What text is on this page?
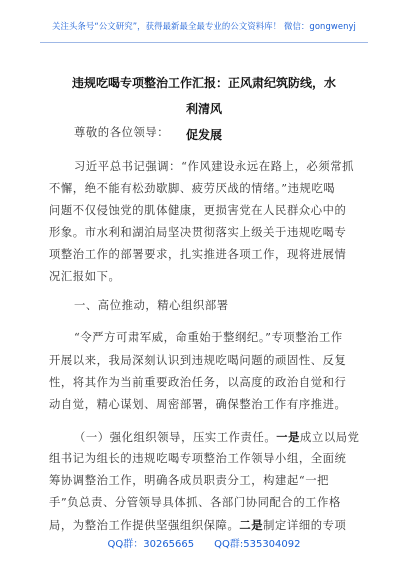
关注头条号“公文研究”，获得最新最全最专业的公文资料库！ 微信：gongwenyj
违规吃喝专项整治工作汇报：正风肃纪筑防线，水利清风
促发展
尊敬的各位领导：
习近平总书记强调：“作风建设永远在路上，必须常抓
不懈，绝不能有松劲歇脚、疲劳厌战的情绪。”违规吃喝
问题不仅侵蚀党的肌体健康，更损害党在人民群众心中的
形象。市水利和湖泊局坚决贯彻落实上级关于违规吃喝专
项整治工作的部署要求，扎实推进各项工作，现将进展情
况汇报如下。
一、高位推动，精心组织部署
“令严方可肃军威，命重始于整纲纪。”专项整治工作
开展以来，我局深刻认识到违规吃喝问题的顽固性、反复
性，将其作为当前重要政治任务，以高度的政治自觉和行
动自觉，精心谋划、周密部署，确保整治工作有序推进。
（一）强化组织领导，压实工作责任。一是成立以局党
组书记为组长的违规吃喝专项整治工作领导小组，全面统
筹协调整治工作，明确各成员职责分工，构建起“一把
手”负总责、分管领导具体抓、各部门协同配合的工作格
局，为整治工作提供坚强组织保障。二是制定详细的专项
QQ群：30265665 QQ群:535304092
